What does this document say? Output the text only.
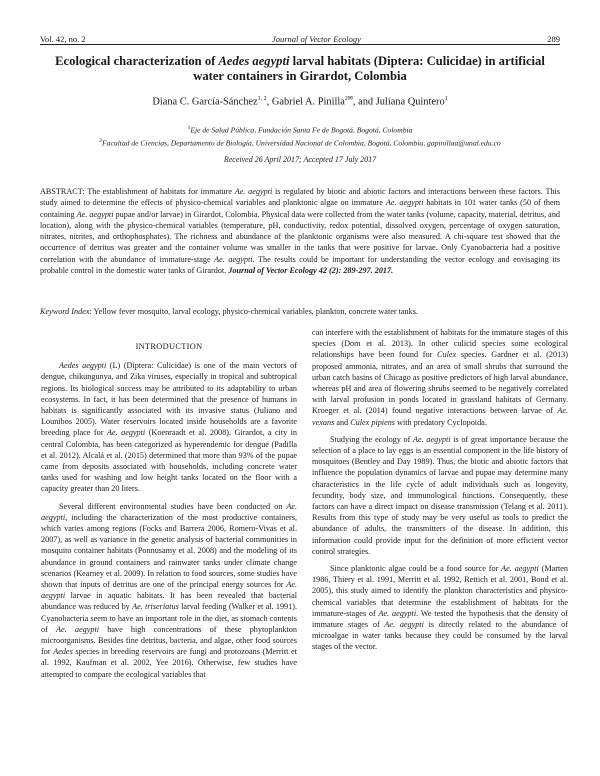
Vol. 42, no. 2	Journal of Vector Ecology	289
Ecological characterization of Aedes aegypti larval habitats (Diptera: Culicidae) in artificial water containers in Girardot, Colombia
Diana C. García-Sánchez$^{1, 2}$, Gabriel A. Pinilla$^{2✉}$, and Juliana Quintero$^1$
$^1$Eje de Salud Pública, Fundación Santa Fe de Bogotá, Bogotá, Colombia
$^2$Facultad de Ciencias, Departamento de Biología, Universidad Nacional de Colombia, Bogotá, Colombia, gapinillaa@unal.edu.co
Received 26 April 2017; Accepted 17 July 2017
ABSTRACT: The establishment of habitats for immature Ae. aegypti is regulated by biotic and abiotic factors and interactions between these factors. This study aimed to determine the effects of physico-chemical variables and planktonic algae on immature Ae. aegypti habitats in 101 water tanks (50 of them containing Ae. aegypti pupae and/or larvae) in Girardot, Colombia. Physical data were collected from the water tanks (volume, capacity, material, detritus, and location), along with the physico-chemical variables (temperature, pH, conductivity, redox potential, dissolved oxygen, percentage of oxygen saturation, nitrates, nitrites, and orthophosphates). The richness and abundance of the planktonic organisms were also measured. A chi-square test showed that the occurrence of detritus was greater and the container volume was smaller in the tanks that were positive for larvae. Only Cyanobacteria had a positive correlation with the abundance of immature-stage Ae. aegypti. The results could be important for understanding the vector ecology and envisaging its probable control in the domestic water tanks of Girardot. Journal of Vector Ecology 42 (2): 289-297. 2017.
Keyword Index: Yellow fever mosquito, larval ecology, physico-chemical variables, plankton, concrete water tanks.
INTRODUCTION

Aedes aegypti (L) (Diptera: Culicidae) is one of the main vectors of dengue, chikungunya, and Zika viruses, especially in tropical and subtropical regions. Its biological success may be attributed to its adaptability to urban ecosystems. In fact, it has been determined that the presence of humans in habitats is significantly associated with its invasive status (Juliano and Lounibos 2005). Water reservoirs located inside households are a favorite breeding place for Ae. aegypti (Koenraadt et al. 2008). Girardot, a city in central Colombia, has been categorized as hyperendemic for dengue (Padilla et al. 2012). Alcalá et al. (2015) determined that more than 93% of the pupae came from deposits associated with households, including concrete water tanks used for washing and low height tanks located on the floor with a capacity greater than 20 liters.

Several different environmental studies have been conducted on Ae. aegypti, including the characterization of the most productive containers, which varies among regions (Focks and Barrera 2006, Romero-Vivas et al. 2007), as well as variance in the genetic analysis of bacterial communities in mosquito container habitats (Ponnusamy et al. 2008) and the modeling of its abundance in ground containers and rainwater tanks under climate change scenarios (Kearney et al. 2009). In relation to food sources, some studies have shown that inputs of detritus are one of the principal energy sources for Ae. aegypti larvae in aquatic habitats. It has been revealed that bacterial abundance was reduced by Ae. triseriatus larval feeding (Walker et al. 1991). Cyanobacteria seem to have an important role in the diet, as stomach contents of Ae. aegypti have high concentrations of these phytoplankton microorganisms. Besides fine detritus, bacteria, and algae, other food sources for Aedes species in breeding reservoirs are fungi and protozoans (Merritt et al. 1992, Kaufman et al. 2002, Yee 2016). Otherwise, few studies have attempted to compare the ecological variables that

can interfere with the establishment of habitats for the immature stages of this species (Dom et al. 2013). In other culicid species some ecological relationships have been found for Culex species. Gardner et al. (2013) proposed ammonia, nitrates, and an area of small shrubs that surround the urban catch basins of Chicago as positive predictors of high larval abundance, whereas pH and area of flowering shrubs seemed to be negatively correlated with larval profusion in ponds located in grassland habitats of Germany. Kroeger et al. (2014) found negative interactions between larvae of Ae. vexans and Culex pipiens with predatory Cyclopoida.

Studying the ecology of Ae. aegypti is of great importance because the selection of a place to lay eggs is an essential component in the life history of mosquitoes (Bentley and Day 1989). Thus, the biotic and abiotic factors that influence the population dynamics of larvae and pupae may determine many characteristics in the life cycle of adult individuals such as longevity, fecundity, body size, and immunological functions. Consequently, these factors can have a direct impact on disease transmission (Telang et al. 2011). Results from this type of study may be very useful as tools to predict the abundance of adults, the transmitters of the disease. In addition, this information could provide input for the definition of more efficient vector control strategies.

Since planktonic algae could be a food source for Ae. aegypti (Marten 1986, Thiery et al. 1991, Merritt et al. 1992, Rettich et al. 2001, Bond et al. 2005), this study aimed to identify the plankton characteristics and physico-chemical variables that determine the establishment of habitats for the immature-stages of Ae. aegypti. We tested the hypothesis that the density of immature stages of Ae. aegypti is directly related to the abundance of microalgae in water tanks because they could be consumed by the larval stages of the vector.
